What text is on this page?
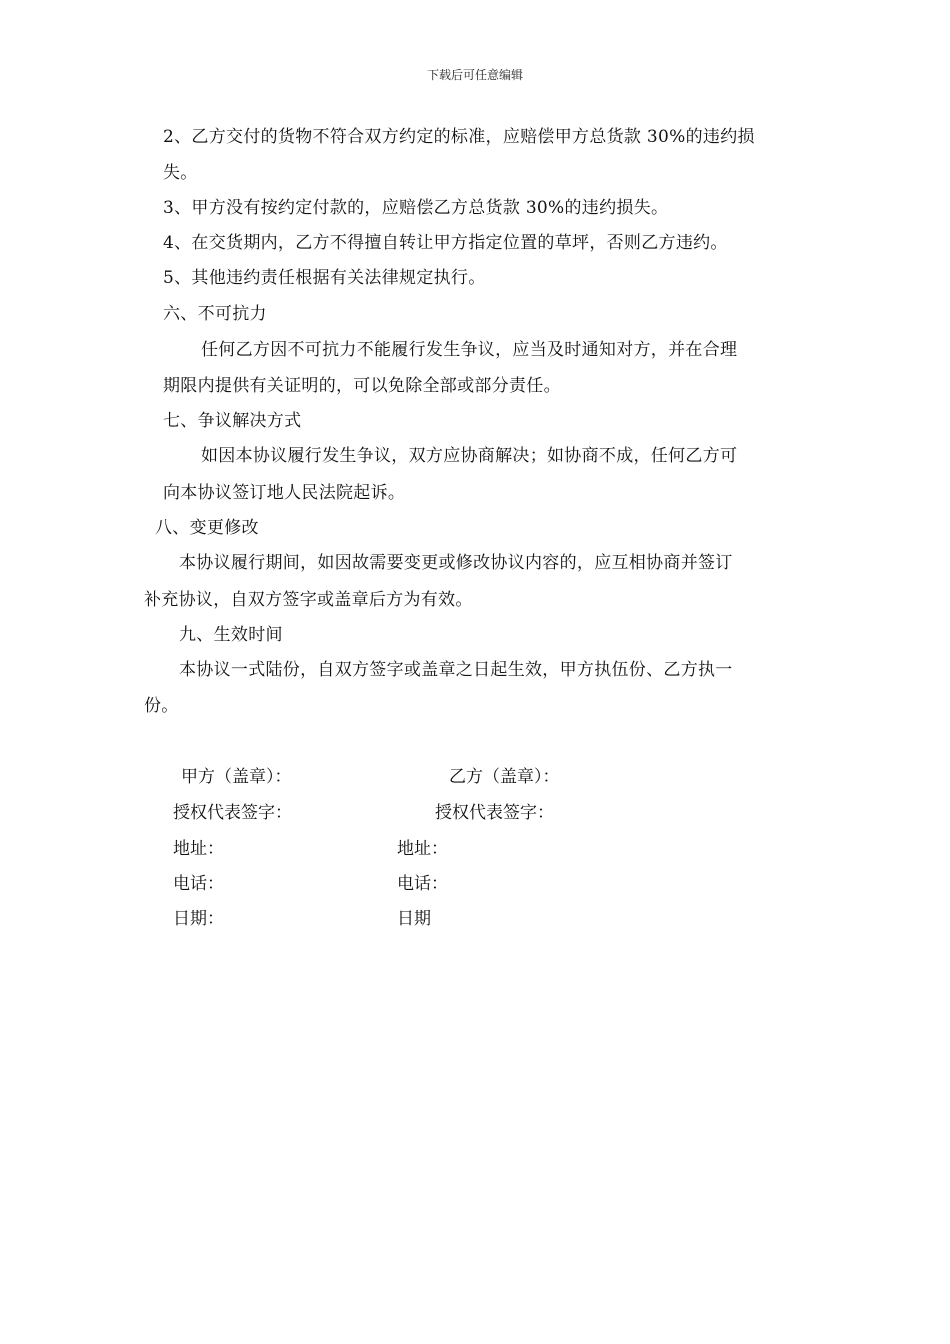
下载后可任意编辑
2、乙方交付的货物不符合双方约定的标准，应赔偿甲方总货款 30%的违约损
失。
3、甲方没有按约定付款的，应赔偿乙方总货款 30%的违约损失。
4、在交货期内，乙方不得擅自转让甲方指定位置的草坪，否则乙方违约。
5、其他违约责任根据有关法律规定执行。
六、不可抗力
任何乙方因不可抗力不能履行发生争议，应当及时通知对方，并在合理
期限内提供有关证明的，可以免除全部或部分责任。
七、争议解决方式
如因本协议履行发生争议，双方应协商解决；如协商不成，任何乙方可
向本协议签订地人民法院起诉。
八、变更修改
本协议履行期间，如因故需要变更或修改协议内容的，应互相协商并签订
补充协议，自双方签字或盖章后方为有效。
九、生效时间
本协议一式陆份，自双方签字或盖章之日起生效，甲方执伍份、乙方执一
份。
甲方（盖章）：	乙方（盖章）：
授权代表签字：	授权代表签字：
地址：	地址：
电话：	电话：
日期：	日期
